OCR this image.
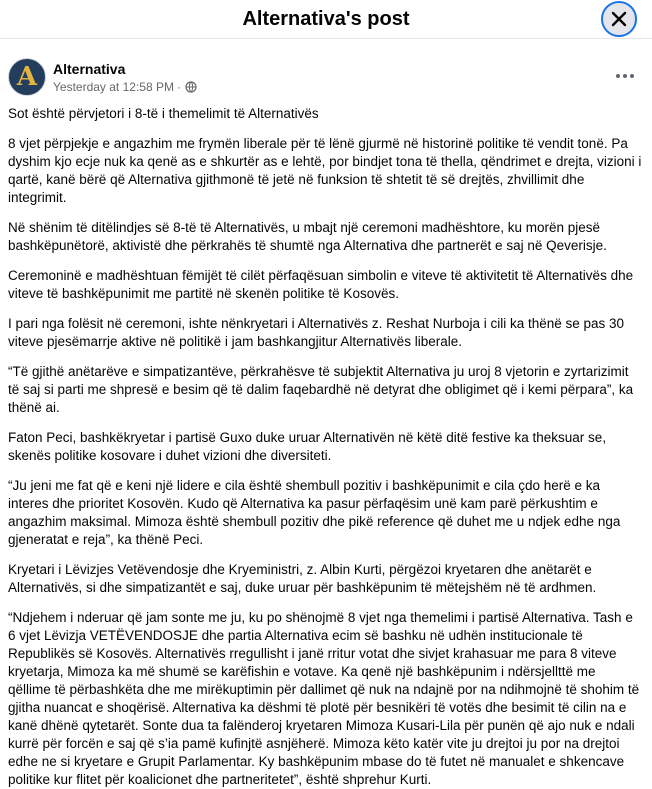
Alternativa's post
A Alternativa
Yesterday at 12:58 PM ·

Sot është përvjetori i 8-të i themelimit të Alternativës

8 vjet përpjekje e angazhim me frymën liberale për të lënë gjurmë në historinë politike të vendit tonë. Pa dyshim kjo ecje nuk ka qenë as e shkurtër as e lehtë, por bindjet tona të thella, qëndrimet e drejta, vizioni i qartë, kanë bërë që Alternativa gjithmonë të jetë në funksion të shtetit të së drejtës, zhvillimit dhe integrimit.

Në shënim të ditëlindjes së 8-të të Alternativës, u mbajt një ceremoni madhështore, ku morën pjesë bashkëpunëtorë, aktivistë dhe përkrahës të shumtë nga Alternativa dhe partnerët e saj në Qeverisje.

Ceremoninë e madhështuan fëmijët të cilët përfaqësuan simbolin e viteve të aktivitetit të Alternativës dhe viteve të bashkëpunimit me partitë në skenën politike të Kosovës.

I pari nga folësit në ceremoni, ishte nënkryetari i Alternativës z. Reshat Nurboja i cili ka thënë se pas 30 viteve pjesëmarrje aktive në politikë i jam bashkangjitur Alternativës liberale.

“Të gjithë anëtarëve e simpatizantëve, përkrahësve të subjektit Alternativa ju uroj 8 vjetorin e zyrtarizimit të saj si parti me shpresë e besim që të dalim faqebardhë në detyrat dhe obligimet që i kemi përpara”, ka thënë ai.

Faton Peci, bashkëkryetar i partisë Guxo duke uruar Alternativën në këtë ditë festive ka theksuar se, skenës politike kosovare i duhet vizioni dhe diversiteti.

“Ju jeni me fat që e keni një lidere e cila është shembull pozitiv i bashkëpunimit e cila çdo herë e ka interes dhe prioritet Kosovën. Kudo që Alternativa ka pasur përfaqësim unë kam parë përkushtim e angazhim maksimal. Mimoza është shembull pozitiv dhe pikë reference që duhet me u ndjek edhe nga gjeneratat e reja”, ka thënë Peci.

Kryetari i Lëvizjes Vetëvendosje dhe Kryeministri, z. Albin Kurti, përgëzoi kryetaren dhe anëtarët e Alternativës, si dhe simpatizantët e saj, duke uruar për bashkëpunim të mëtejshëm në të ardhmen.

“Ndjehem i nderuar që jam sonte me ju, ku po shënojmë 8 vjet nga themelimi i partisë Alternativa. Tash e 6 vjet Lëvizja VETËVENDOSJE dhe partia Alternativa ecim së bashku në udhën institucionale të Republikës së Kosovës. Alternativës rregullisht i janë rritur votat dhe sivjet krahasuar me para 8 viteve kryetarja, Mimoza ka më shumë se karëfishin e votave. Ka qenë një bashkëpunim i ndërsjellttë me qëllime të përbashkëta dhe me mirëkuptimin për dallimet që nuk na ndajnë por na ndihmojnë të shohim të gjitha nuancat e shoqërisë. Alternativa ka dëshmi të plotë për besnikëri të votës dhe besimit të cilin na e kanë dhënë qytetarët. Sonte dua ta falënderoj kryetaren Mimoza Kusari-Lila për punën që ajo nuk e ndali kurrë për forcën e saj që s’ia pamë kufinjtë asnjëherë. Mimoza këto katër vite ju drejtoi ju por na drejtoi edhe ne si kryetare e Grupit Parlamentar. Ky bashkëpunim mbase do të futet në manualet e shkencave politike kur flitet për koalicionet dhe partneritetet”, është shprehur Kurti.
